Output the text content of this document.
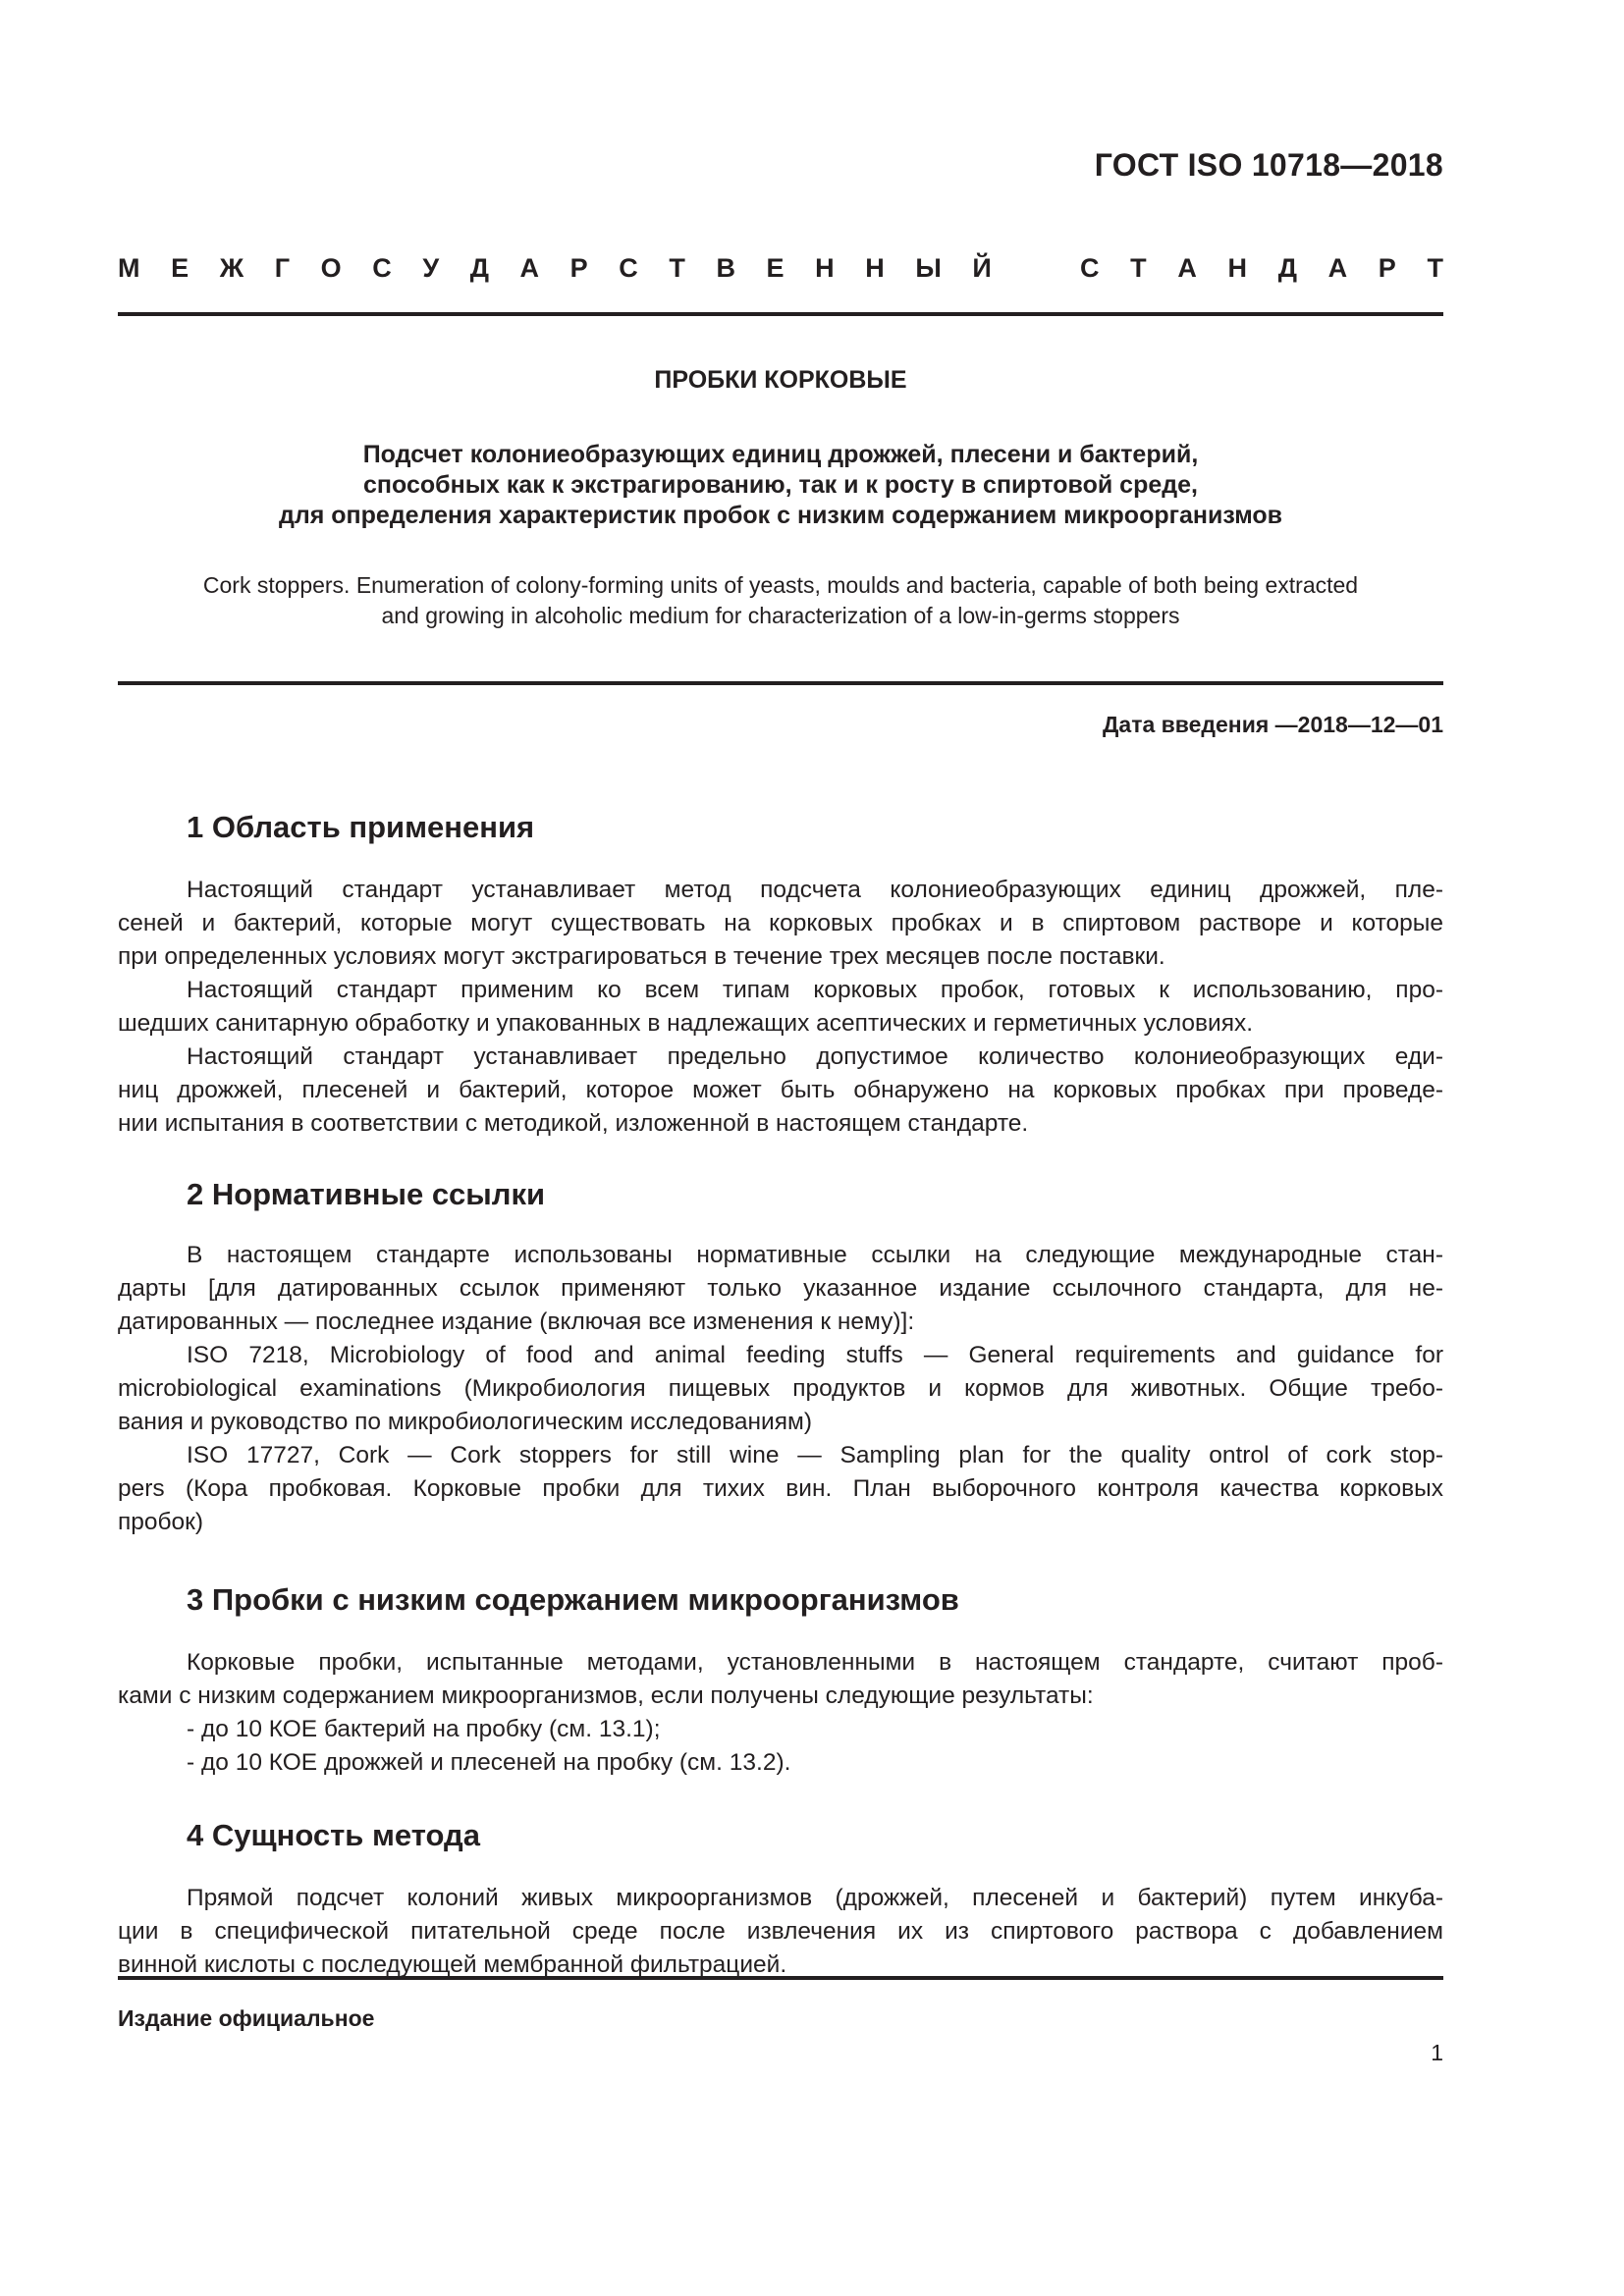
ГОСТ ISO 10718—2018
М Е Ж Г О С У Д А Р С Т В Е Н Н Ы Й	С Т А Н Д А Р Т
ПРОБКИ КОРКОВЫЕ
Подсчет колониеобразующих единиц дрожжей, плесени и бактерий,
способных как к экстрагированию, так и к росту в спиртовой среде,
для определения характеристик пробок с низким содержанием микроорганизмов
Cork stoppers. Enumeration of colony-forming units of yeasts, moulds and bacteria, capable of both being extracted
and growing in alcoholic medium for characterization of a low-in-germs stoppers
Дата введения —2018—12—01
1 Область применения
Настоящий стандарт устанавливает метод подсчета колониеобразующих единиц дрожжей, пле-
сеней и бактерий, которые могут существовать на корковых пробках и в спиртовом растворе и которые
при определенных условиях могут экстрагироваться в течение трех месяцев после поставки.
Настоящий стандарт применим ко всем типам корковых пробок, готовых к использованию, про-
шедших санитарную обработку и упакованных в надлежащих асептических и герметичных условиях.
Настоящий стандарт устанавливает предельно допустимое количество колониеобразующих еди-
ниц дрожжей, плесеней и бактерий, которое может быть обнаружено на корковых пробках при проведе-
нии испытания в соответствии с методикой, изложенной в настоящем стандарте.
2 Нормативные ссылки
В настоящем стандарте использованы нормативные ссылки на следующие международные стан-
дарты [для датированных ссылок применяют только указанное издание ссылочного стандарта, для не-
датированных — последнее издание (включая все изменения к нему)]:
ISO 7218, Microbiology of food and animal feeding stuffs — General requirements and guidance for
microbiological examinations (Микробиология пищевых продуктов и кормов для животных. Общие требо-
вания и руководство по микробиологическим исследованиям)
ISO 17727, Cork — Cork stoppers for still wine — Sampling plan for the quality ontrol of cork stop-
pers (Кора пробковая. Корковые пробки для тихих вин. План выборочного контроля качества корковых
пробок)
3 Пробки с низким содержанием микроорганизмов
Корковые пробки, испытанные методами, установленными в настоящем стандарте, считают проб-
ками с низким содержанием микроорганизмов, если получены следующие результаты:
- до 10 КОЕ бактерий на пробку (см. 13.1);
- до 10 КОЕ дрожжей и плесеней на пробку (см. 13.2).
4 Сущность метода
Прямой подсчет колоний живых микроорганизмов (дрожжей, плесеней и бактерий) путем инкуба-
ции в специфической питательной среде после извлечения их из спиртового раствора с добавлением
винной кислоты с последующей мембранной фильтрацией.
Издание официальное
1
